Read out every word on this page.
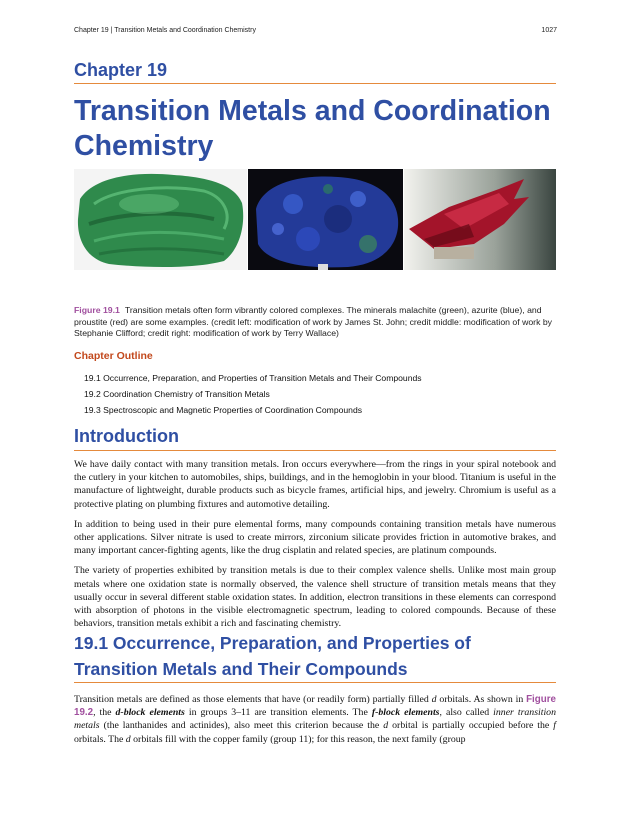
Chapter 19 | Transition Metals and Coordination Chemistry	1027
Chapter 19
Transition Metals and Coordination Chemistry
Figure 19.1 Transition metals often form vibrantly colored complexes. The minerals malachite (green), azurite (blue), and proustite (red) are some examples. (credit left: modification of work by James St. John; credit middle: modification of work by Stephanie Clifford; credit right: modification of work by Terry Wallace)
Chapter Outline
19.1 Occurrence, Preparation, and Properties of Transition Metals and Their Compounds
19.2 Coordination Chemistry of Transition Metals
19.3 Spectroscopic and Magnetic Properties of Coordination Compounds
Introduction

We have daily contact with many transition metals. Iron occurs everywhere—from the rings in your spiral notebook and the cutlery in your kitchen to automobiles, ships, buildings, and in the hemoglobin in your blood. Titanium is useful in the manufacture of lightweight, durable products such as bicycle frames, artificial hips, and jewelry. Chromium is useful as a protective plating on plumbing fixtures and automotive detailing.

In addition to being used in their pure elemental forms, many compounds containing transition metals have numerous other applications. Silver nitrate is used to create mirrors, zirconium silicate provides friction in automotive brakes, and many important cancer-fighting agents, like the drug cisplatin and related species, are platinum compounds.

The variety of properties exhibited by transition metals is due to their complex valence shells. Unlike most main group metals where one oxidation state is normally observed, the valence shell structure of transition metals means that they usually occur in several different stable oxidation states. In addition, electron transitions in these elements can correspond with absorption of photons in the visible electromagnetic spectrum, leading to colored compounds. Because of these behaviors, transition metals exhibit a rich and fascinating chemistry.

19.1 Occurrence, Preparation, and Properties of Transition Metals and Their Compounds

Transition metals are defined as those elements that have (or readily form) partially filled d orbitals. As shown in Figure 19.2, the d-block elements in groups 3–11 are transition elements. The f-block elements, also called inner transition metals (the lanthanides and actinides), also meet this criterion because the d orbital is partially occupied before the f orbitals. The d orbitals fill with the copper family (group 11); for this reason, the next family (group
